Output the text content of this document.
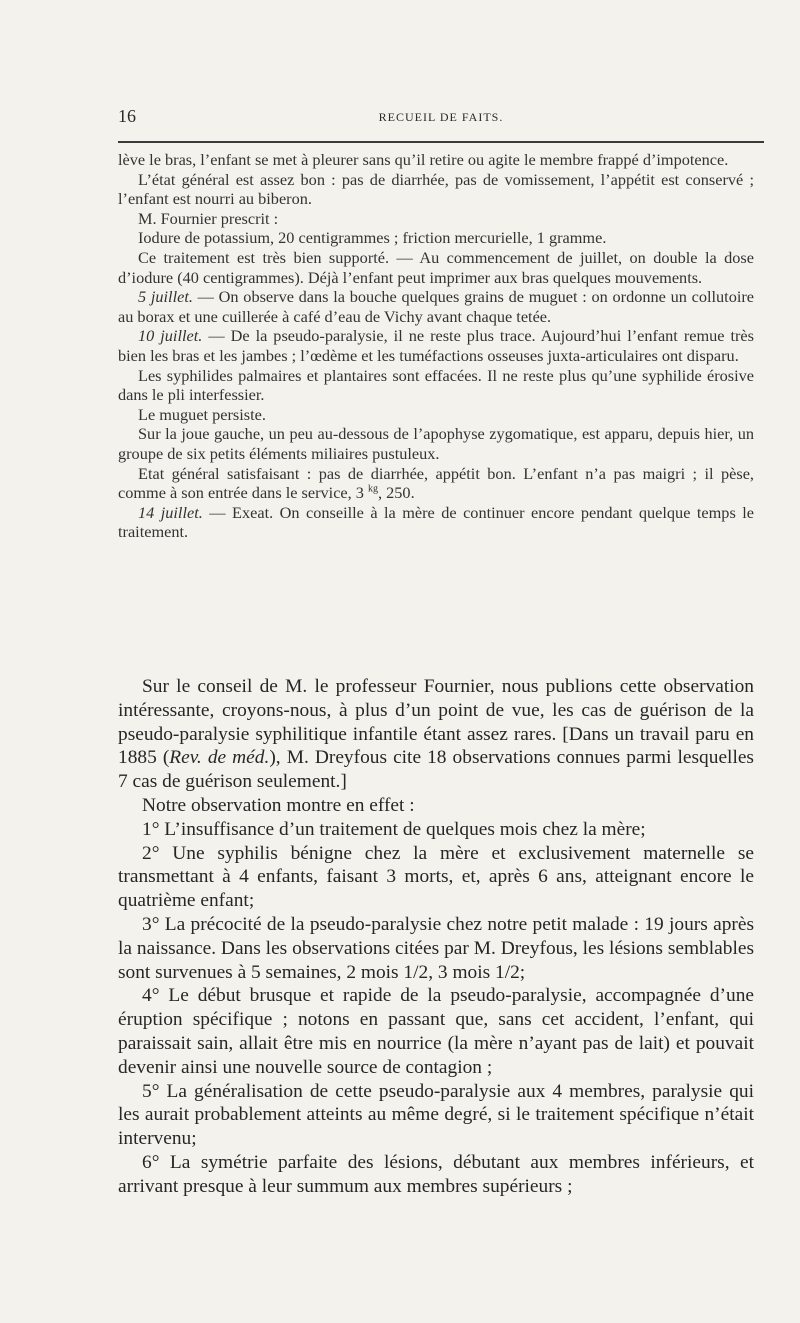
16	RECUEIL DE FAITS.

lève le bras, l’enfant se met à pleurer sans qu’il retire ou agite le membre frappé d’impotence.

L’état général est assez bon : pas de diarrhée, pas de vomissement, l’appétit est conservé ; l’enfant est nourri au biberon.

M. Fournier prescrit :

Iodure de potassium, 20 centigrammes ; friction mercurielle, 1 gramme.

Ce traitement est très bien supporté. — Au commencement de juillet, on double la dose d’iodure (40 centigrammes). Déjà l’enfant peut imprimer aux bras quelques mouvements.

5 juillet. — On observe dans la bouche quelques grains de muguet : on ordonne un collutoire au borax et une cuillerée à café d’eau de Vichy avant chaque tetée.

10 juillet. — De la pseudo-paralysie, il ne reste plus trace. Aujourd’hui l’enfant remue très bien les bras et les jambes ; l’œdème et les tuméfactions osseuses juxta-articulaires ont disparu.

Les syphilides palmaires et plantaires sont effacées. Il ne reste plus qu’une syphilide érosive dans le pli interfessier.

Le muguet persiste.

Sur la joue gauche, un peu au-dessous de l’apophyse zygomatique, est apparu, depuis hier, un groupe de six petits éléments miliaires pustuleux.

Etat général satisfaisant : pas de diarrhée, appétit bon. L’enfant n’a pas maigri ; il pèse, comme à son entrée dans le service, 3 $^{kg}$, 250.

14 juillet. — Exeat. On conseille à la mère de continuer encore pendant quelque temps le traitement.

Sur le conseil de M. le professeur Fournier, nous publions cette observation intéressante, croyons-nous, à plus d’un point de vue, les cas de guérison de la pseudo-paralysie syphilitique infantile étant assez rares. [Dans un travail paru en 1885 (Rev. de méd.), M. Dreyfous cite 18 observations connues parmi lesquelles 7 cas de guérison seulement.]

Notre observation montre en effet :

1° L’insuffisance d’un traitement de quelques mois chez la mère;

2° Une syphilis bénigne chez la mère et exclusivement maternelle se transmettant à 4 enfants, faisant 3 morts, et, après 6 ans, atteignant encore le quatrième enfant;

3° La précocité de la pseudo-paralysie chez notre petit malade : 19 jours après la naissance. Dans les observations citées par M. Dreyfous, les lésions semblables sont survenues à 5 semaines, 2 mois 1/2, 3 mois 1/2;

4° Le début brusque et rapide de la pseudo-paralysie, accompagnée d’une éruption spécifique ; notons en passant que, sans cet accident, l’enfant, qui paraissait sain, allait être mis en nourrice (la mère n’ayant pas de lait) et pouvait devenir ainsi une nouvelle source de contagion ;

5° La généralisation de cette pseudo-paralysie aux 4 membres, paralysie qui les aurait probablement atteints au même degré, si le traitement spécifique n’était intervenu;

6° La symétrie parfaite des lésions, débutant aux membres inférieurs, et arrivant presque à leur summum aux membres supérieurs ;
